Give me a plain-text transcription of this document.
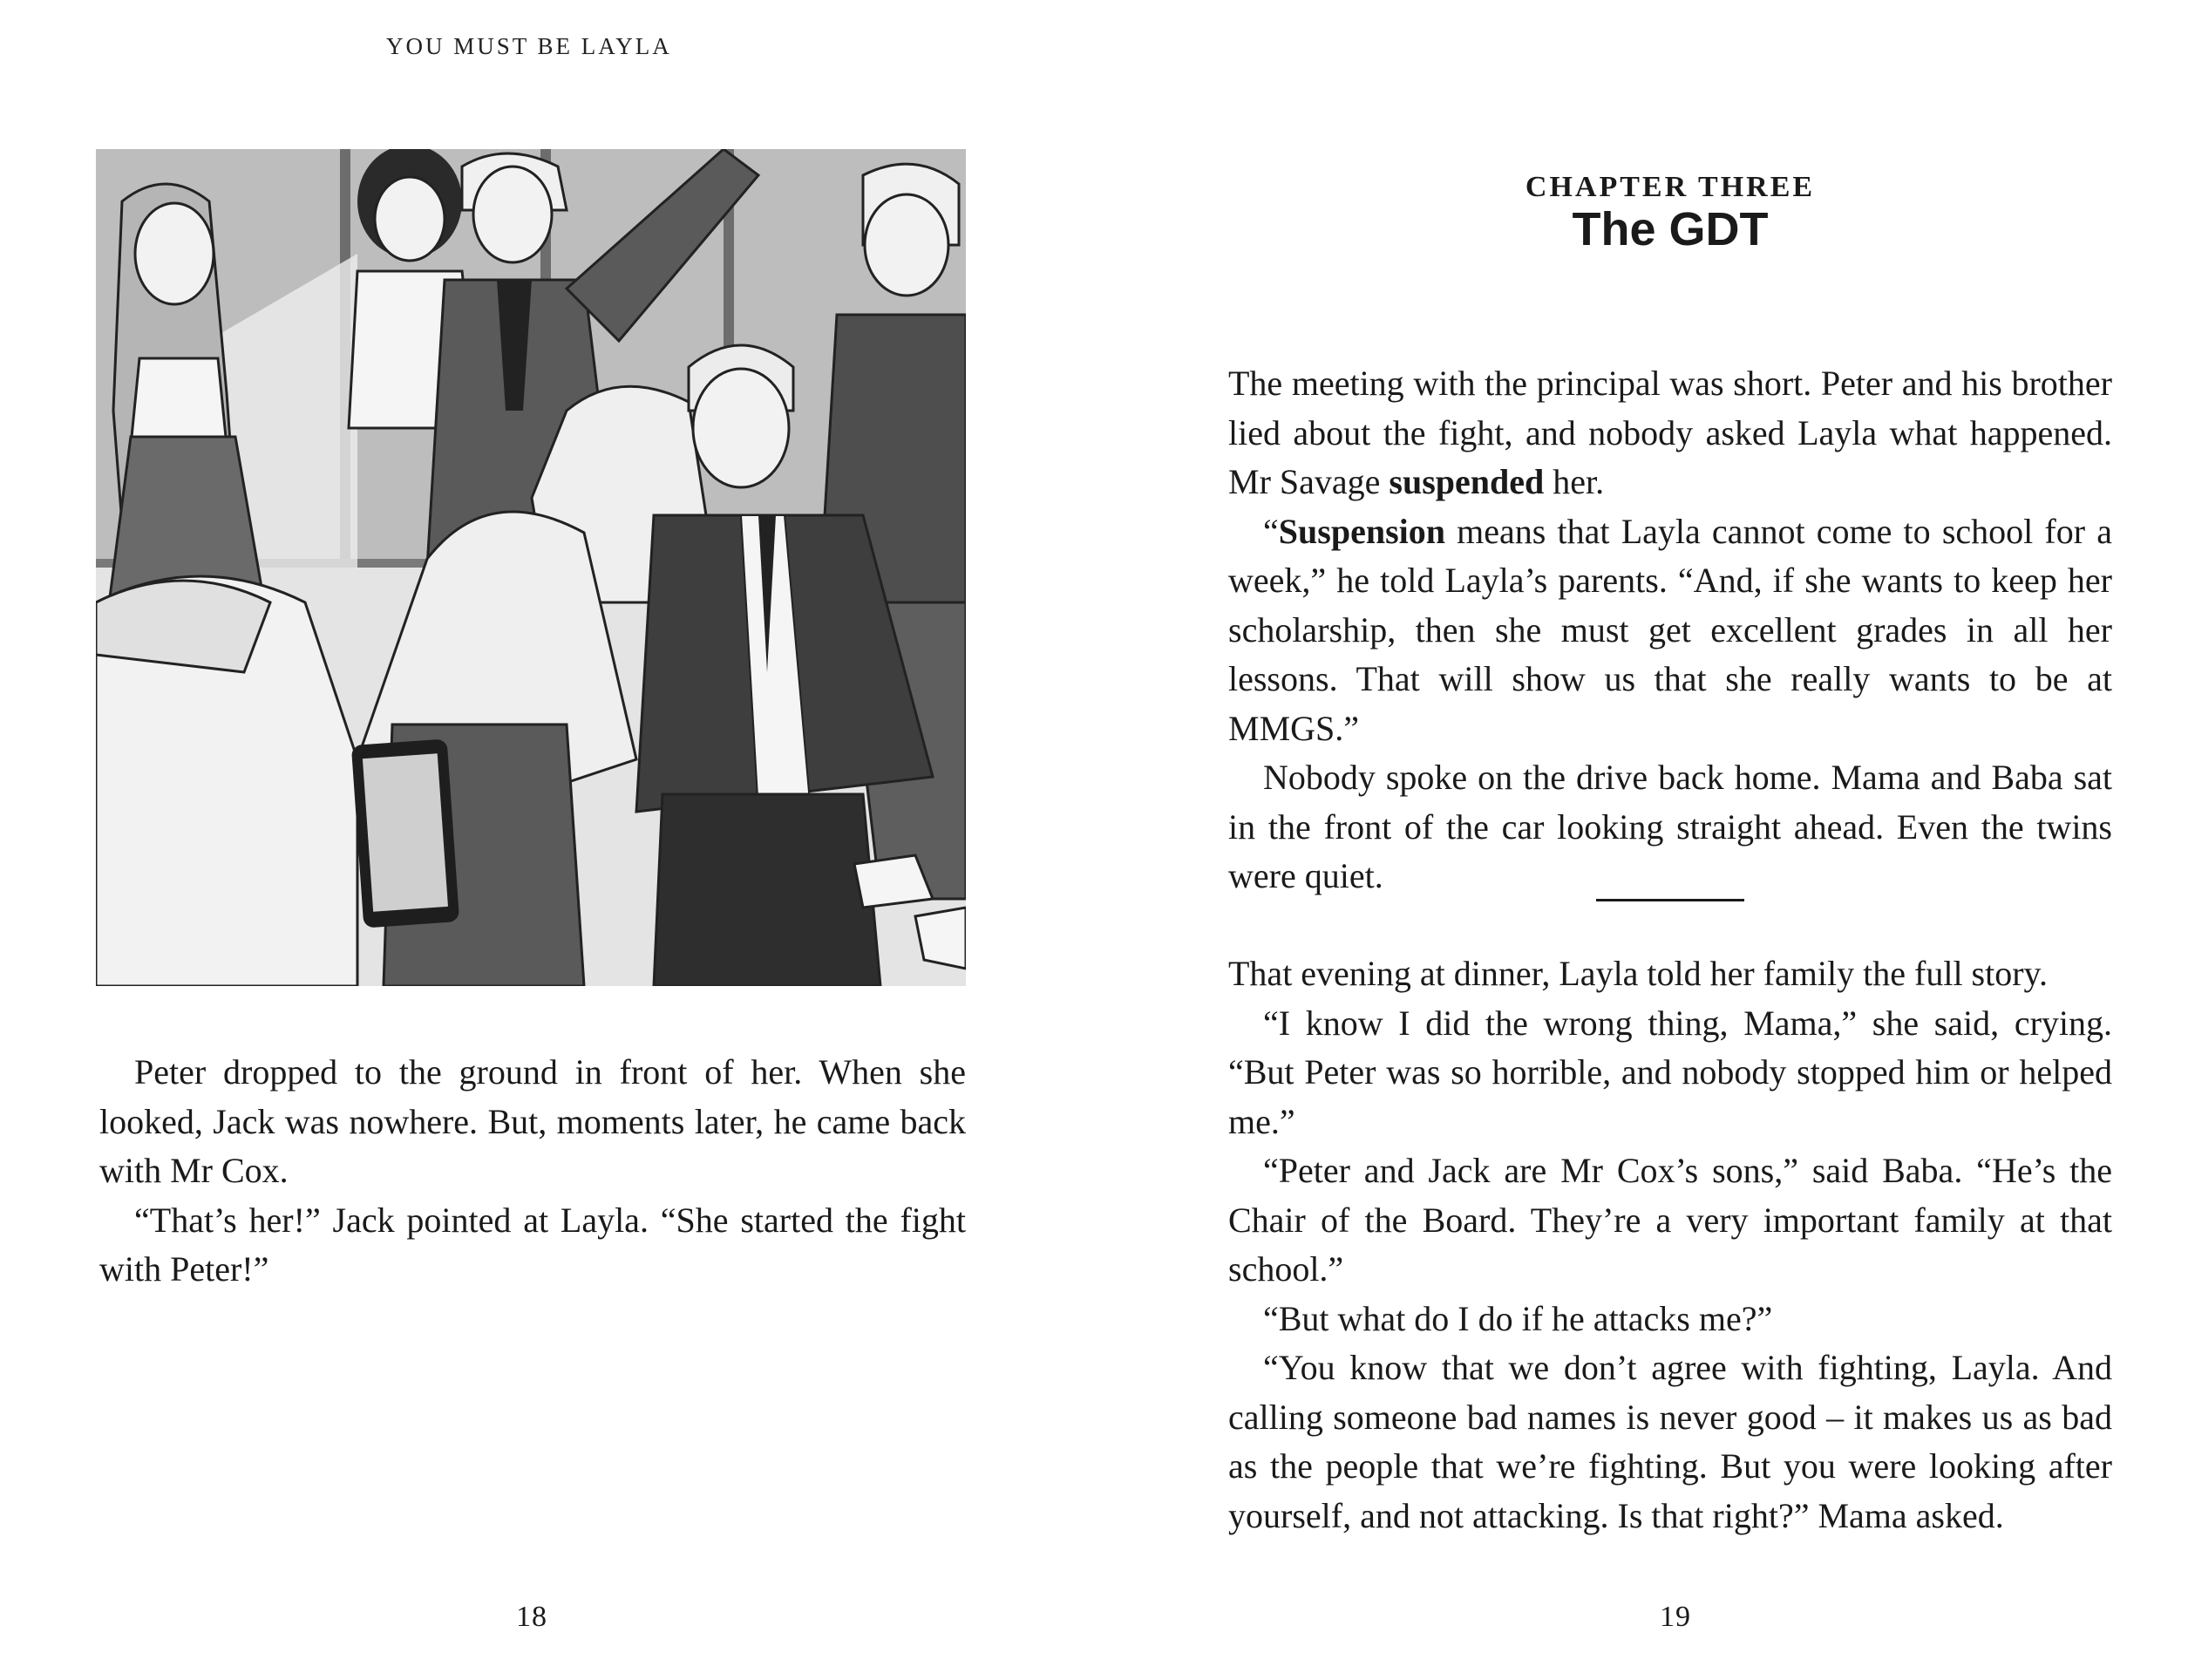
YOU MUST BE LAYLA

Peter dropped to the ground in front of her. When she looked, Jack was nowhere. But, moments later, he came back with Mr Cox.

“That’s her!” Jack pointed at Layla. “She started the fight with Peter!”

18
CHAPTER THREE
The GDT

The meeting with the principal was short. Peter and his brother lied about the fight, and nobody asked Layla what happened. Mr Savage suspended her.

“Suspension means that Layla cannot come to school for a week,” he told Layla’s parents. “And, if she wants to keep her scholarship, then she must get excellent grades in all her lessons. That will show us that she really wants to be at MMGS.”

Nobody spoke on the drive back home. Mama and Baba sat in the front of the car looking straight ahead. Even the twins were quiet.

That evening at dinner, Layla told her family the full story.

“I know I did the wrong thing, Mama,” she said, crying. “But Peter was so horrible, and nobody stopped him or helped me.”

“Peter and Jack are Mr Cox’s sons,” said Baba. “He’s the Chair of the Board. They’re a very important family at that school.”

“But what do I do if he attacks me?”

“You know that we don’t agree with fighting, Layla. And calling someone bad names is never good – it makes us as bad as the people that we’re fighting. But you were looking after yourself, and not attacking. Is that right?” Mama asked.

19
